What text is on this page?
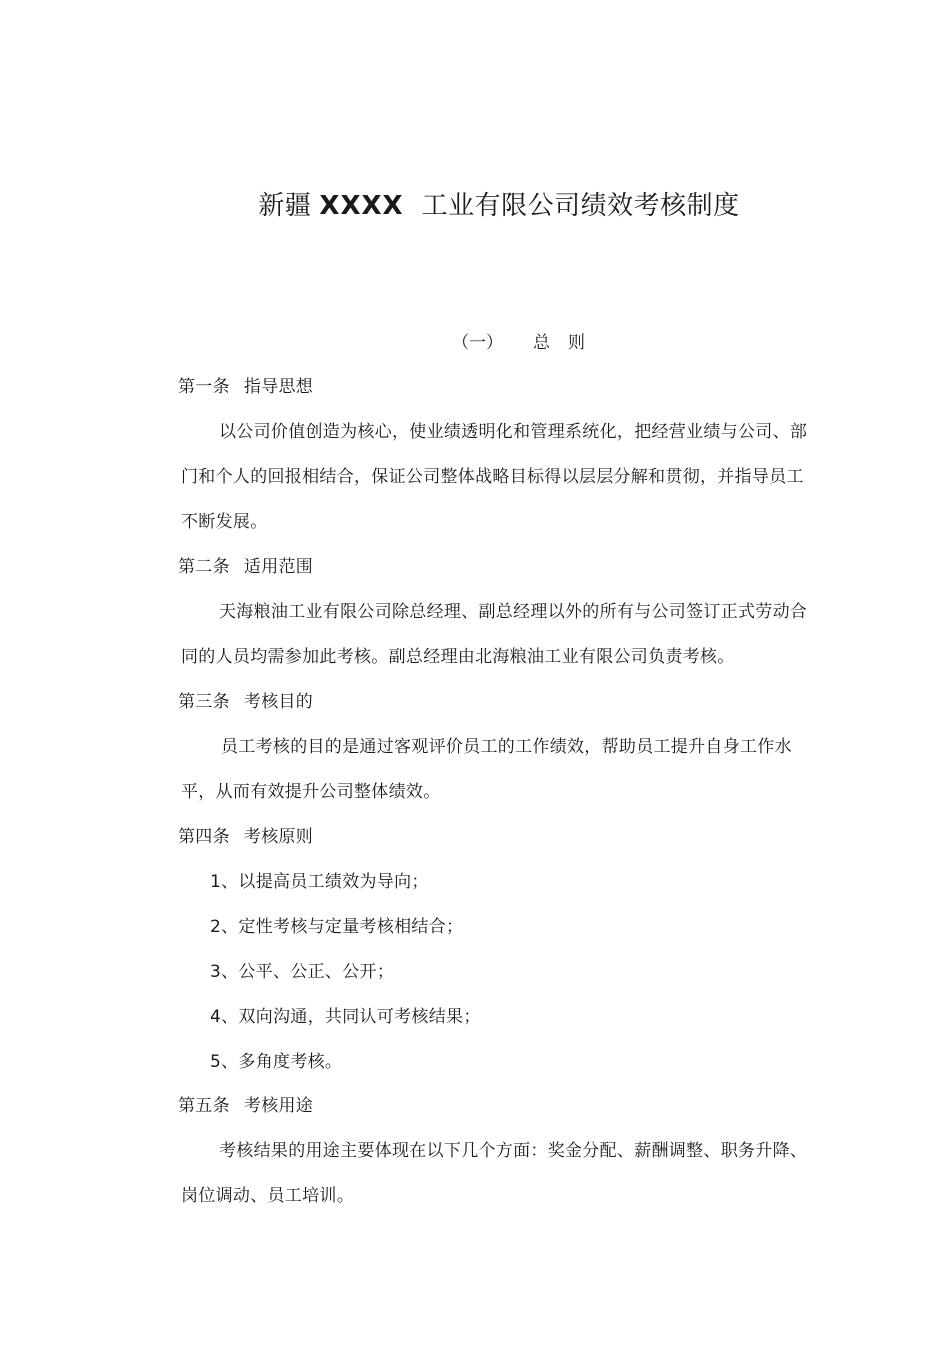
新疆 XXXX 工业有限公司绩效考核制度
（一） 总则
第一条 指导思想
以公司价值创造为核心，使业绩透明化和管理系统化，把经营业绩与公司、部
门和个人的回报相结合，保证公司整体战略目标得以层层分解和贯彻，并指导员工
不断发展。
第二条 适用范围
天海粮油工业有限公司除总经理、副总经理以外的所有与公司签订正式劳动合
同的人员均需参加此考核。副总经理由北海粮油工业有限公司负责考核。
第三条 考核目的
员工考核的目的是通过客观评价员工的工作绩效，帮助员工提升自身工作水
平，从而有效提升公司整体绩效。
第四条 考核原则
1、以提高员工绩效为导向；
2、定性考核与定量考核相结合；
3、公平、公正、公开；
4、双向沟通，共同认可考核结果；
5、多角度考核。
第五条 考核用途
考核结果的用途主要体现在以下几个方面：奖金分配、薪酬调整、职务升降、
岗位调动、员工培训。
